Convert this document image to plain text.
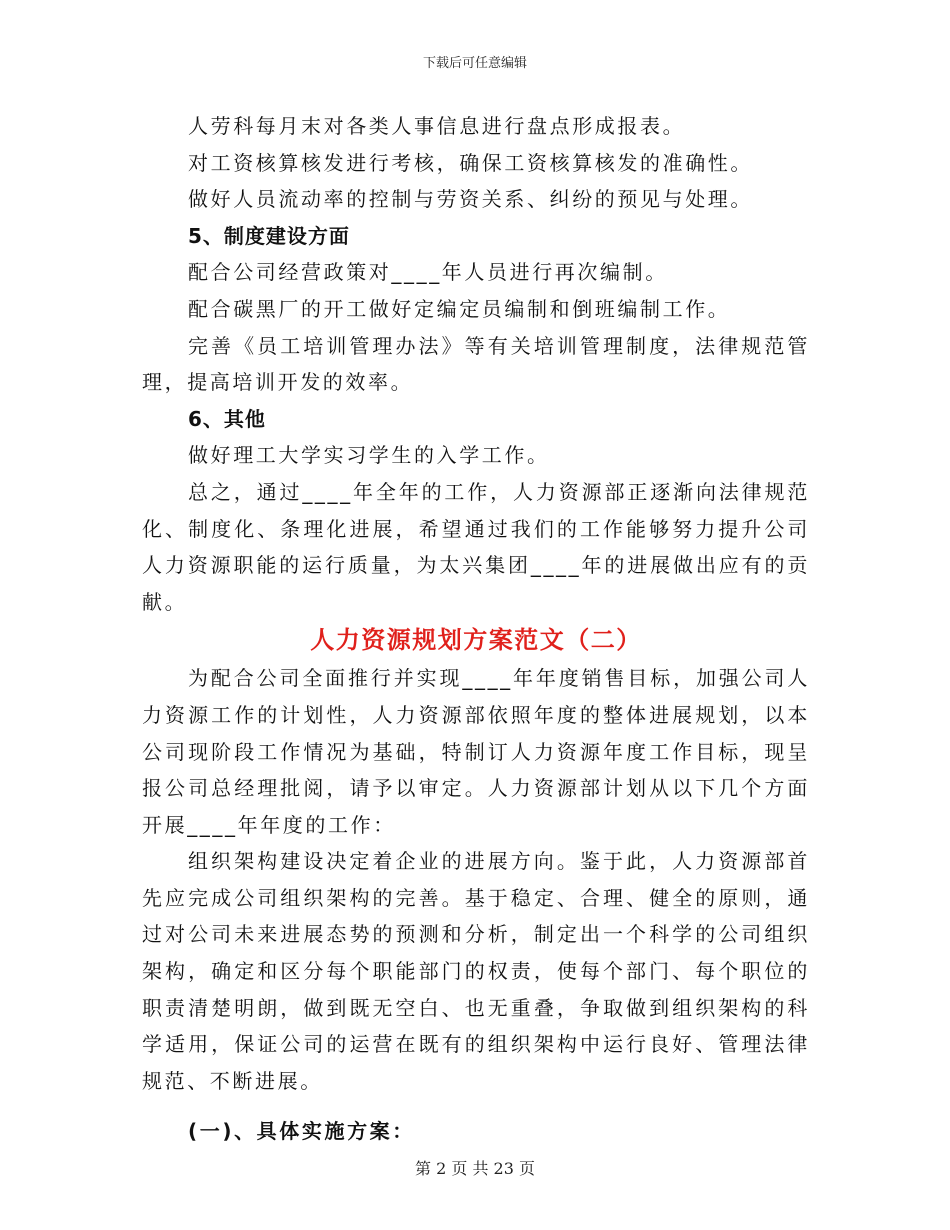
下载后可任意编辑

人劳科每月末对各类人事信息进行盘点形成报表。

对工资核算核发进行考核，确保工资核算核发的准确性。

做好人员流动率的控制与劳资关系、纠纷的预见与处理。

5、制度建设方面

配合公司经营政策对____年人员进行再次编制。

配合碳黑厂的开工做好定编定员编制和倒班编制工作。

完善《员工培训管理办法》等有关培训管理制度，法律规范管理，提高培训开发的效率。

6、其他

做好理工大学实习学生的入学工作。

总之，通过____年全年的工作，人力资源部正逐渐向法律规范化、制度化、条理化进展，希望通过我们的工作能够努力提升公司人力资源职能的运行质量，为太兴集团____年的进展做出应有的贡献。

人力资源规划方案范文（二）

为配合公司全面推行并实现____年年度销售目标，加强公司人力资源工作的计划性，人力资源部依照年度的整体进展规划，以本公司现阶段工作情况为基础，特制订人力资源年度工作目标，现呈报公司总经理批阅，请予以审定。人力资源部计划从以下几个方面开展____年年度的工作：

组织架构建设决定着企业的进展方向。鉴于此，人力资源部首先应完成公司组织架构的完善。基于稳定、合理、健全的原则，通过对公司未来进展态势的预测和分析，制定出一个科学的公司组织架构，确定和区分每个职能部门的权责，使每个部门、每个职位的职责清楚明朗，做到既无空白、也无重叠，争取做到组织架构的科学适用，保证公司的运营在既有的组织架构中运行良好、管理法律规范、不断进展。

(一)、具体实施方案：

第 2 页 共 23 页
